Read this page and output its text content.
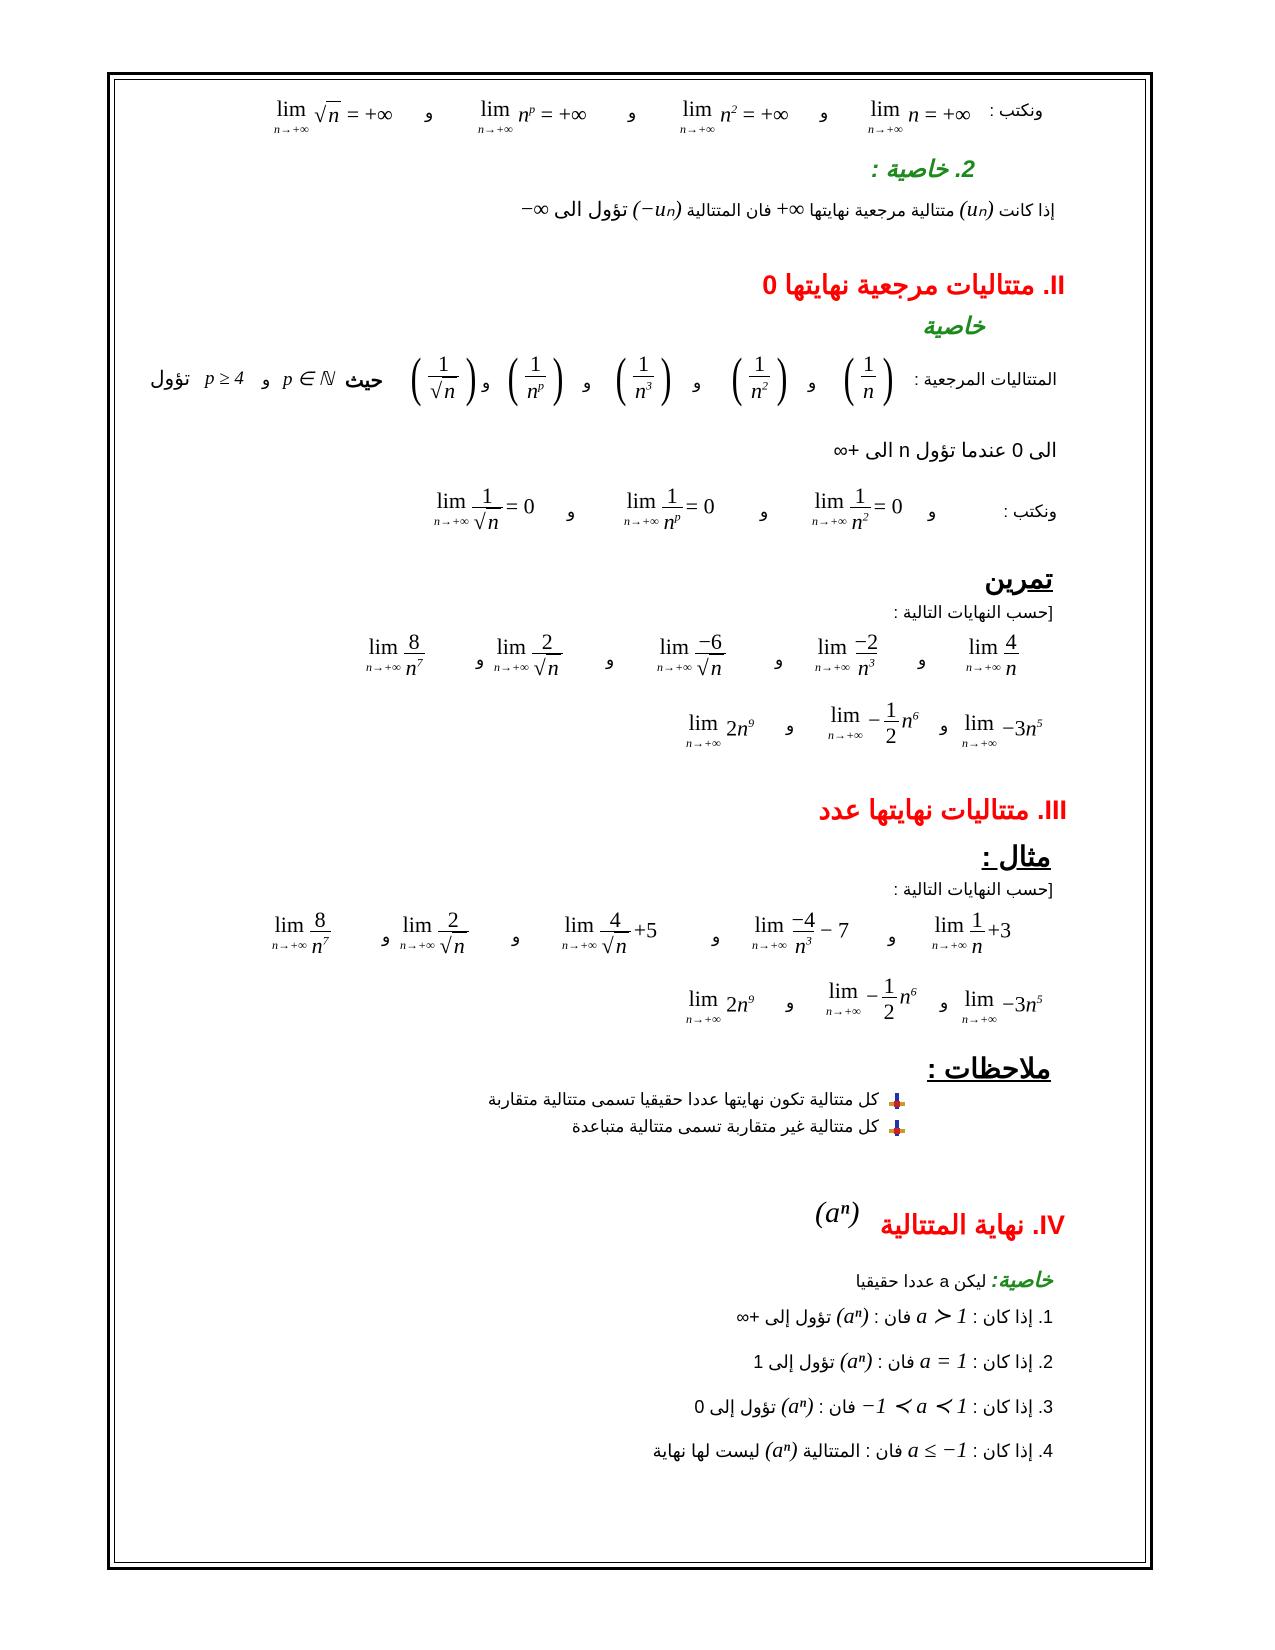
ونكتب :
lim
n→+∞
n = +∞
و
lim
n→+∞
$n^2$ = +∞
و
lim
n→+∞
$n^p$ = +∞
و
lim
n→+∞
√n = +∞
2. خاصية :
إذا كانت (uₙ) متتالية مرجعية نهايتها +∞ فان المتتالية (−uₙ) تؤول الى −∞
II. متتاليات مرجعية نهايتها 0
خاصية
المتتاليات المرجعية :
( $\frac{1}{n}$ )
و
( $\frac{1}{n^2}$ )
و
( $\frac{1}{n^3}$ )
و
( $\frac{1}{n^p}$ )
و
( $\frac{1}{√n}$ )
حيث
p ∈ ℕ
و
p ≥ 4
تؤول
الى 0 عندما تؤول n الى +∞
ونكتب :
و
lim
$n\to+\infty \frac{1}{n^2} = 0$
و
lim
$n\to+\infty \frac{1}{n^p} = 0$
و
lim
$n\to+\infty \frac{1}{√n} = 0$
تمرين
[حسب النهايات التالية :
lim
$n\to+\infty \frac{4}{n}$
و
lim
$n\to+\infty \frac{-2}{n^3}$
و
lim
$n\to+\infty \frac{-6}{√n}$
و
lim
$n\to+\infty \frac{2}{√n}$
و
lim
$n\to+\infty \frac{8}{n^7}$
lim
n→+∞
$-3n^5$
و
lim
n→+∞
− $\frac{1}{2} n^6$
و
lim
n→+∞
$2n^9$
III. متتاليات نهايتها عدد
مثال :
[حسب النهايات التالية :
lim
$n\to+\infty \frac{1}{n} +3$
و
lim
$n\to+\infty \frac{-4}{n^3} - 7$
و
lim
$n\to+\infty \frac{4}{√n} +5$
و
lim
$n\to+\infty \frac{2}{√n}$
و
lim
$n\to+\infty \frac{8}{n^7}$
lim
n→+∞
$-3n^5$
و
lim
n→+∞
− $\frac{1}{2} n^6$
و
lim
n→+∞
$2n^9$
ملاحظات :
كل متتالية تكون نهايتها عددا حقيقيا تسمى متتالية متقاربة
كل متتالية غير متقاربة تسمى متتالية متباعدة
IV. نهاية المتتالية
(aⁿ)
خاصية: ليكن a عددا حقيقيا
1. إذا كان : a ≻ 1 فان : (aⁿ) تؤول إلى +∞
2. إذا كان : a = 1 فان : (aⁿ) تؤول إلى 1
3. إذا كان : −1 ≺ a ≺ 1 فان : (aⁿ) تؤول إلى 0
4. إذا كان : a ≤ −1 فان : المتتالية (aⁿ) ليست لها نهاية
